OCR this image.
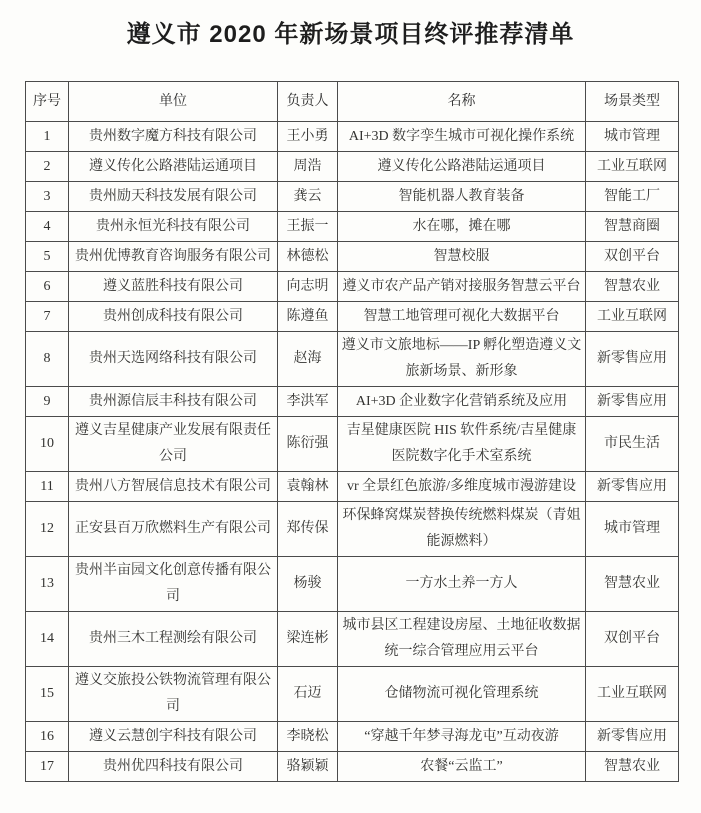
遵义市 2020 年新场景项目终评推荐清单
序号	单位	负责人	名称	场景类型
1	贵州数字魔方科技有限公司	王小勇	AI+3D 数字孪生城市可视化操作系统	城市管理
2	遵义传化公路港陆运通项目	周浩	遵义传化公路港陆运通项目	工业互联网
3	贵州励天科技发展有限公司	龚云	智能机器人教育装备	智能工厂
4	贵州永恒光科技有限公司	王振一	水在哪，摊在哪	智慧商圈
5	贵州优博教育咨询服务有限公司	林德松	智慧校服	双创平台
6	遵义蓝胜科技有限公司	向志明	遵义市农产品产销对接服务智慧云平台	智慧农业
7	贵州创成科技有限公司	陈遵鱼	智慧工地管理可视化大数据平台	工业互联网
8	贵州天选网络科技有限公司	赵海	遵义市文旅地标——IP 孵化塑造遵义文旅新场景、新形象	新零售应用
9	贵州源信辰丰科技有限公司	李洪军	AI+3D 企业数字化营销系统及应用	新零售应用
10	遵义吉星健康产业发展有限责任公司	陈衍强	吉星健康医院 HIS 软件系统/吉星健康医院数字化手术室系统	市民生活
11	贵州八方智展信息技术有限公司	袁翰林	vr 全景红色旅游/多维度城市漫游建设	新零售应用
12	正安县百万欣燃料生产有限公司	郑传保	环保蜂窝煤炭替换传统燃料煤炭（青姐能源燃料）	城市管理
13	贵州半亩园文化创意传播有限公司	杨骏	一方水土养一方人	智慧农业
14	贵州三木工程测绘有限公司	梁连彬	城市县区工程建设房屋、土地征收数据统一综合管理应用云平台	双创平台
15	遵义交旅投公铁物流管理有限公司	石迈	仓储物流可视化管理系统	工业互联网
16	遵义云慧创宇科技有限公司	李晓松	“穿越千年梦寻海龙屯”互动夜游	新零售应用
17	贵州优四科技有限公司	骆颖颖	农餐“云监工”	智慧农业
